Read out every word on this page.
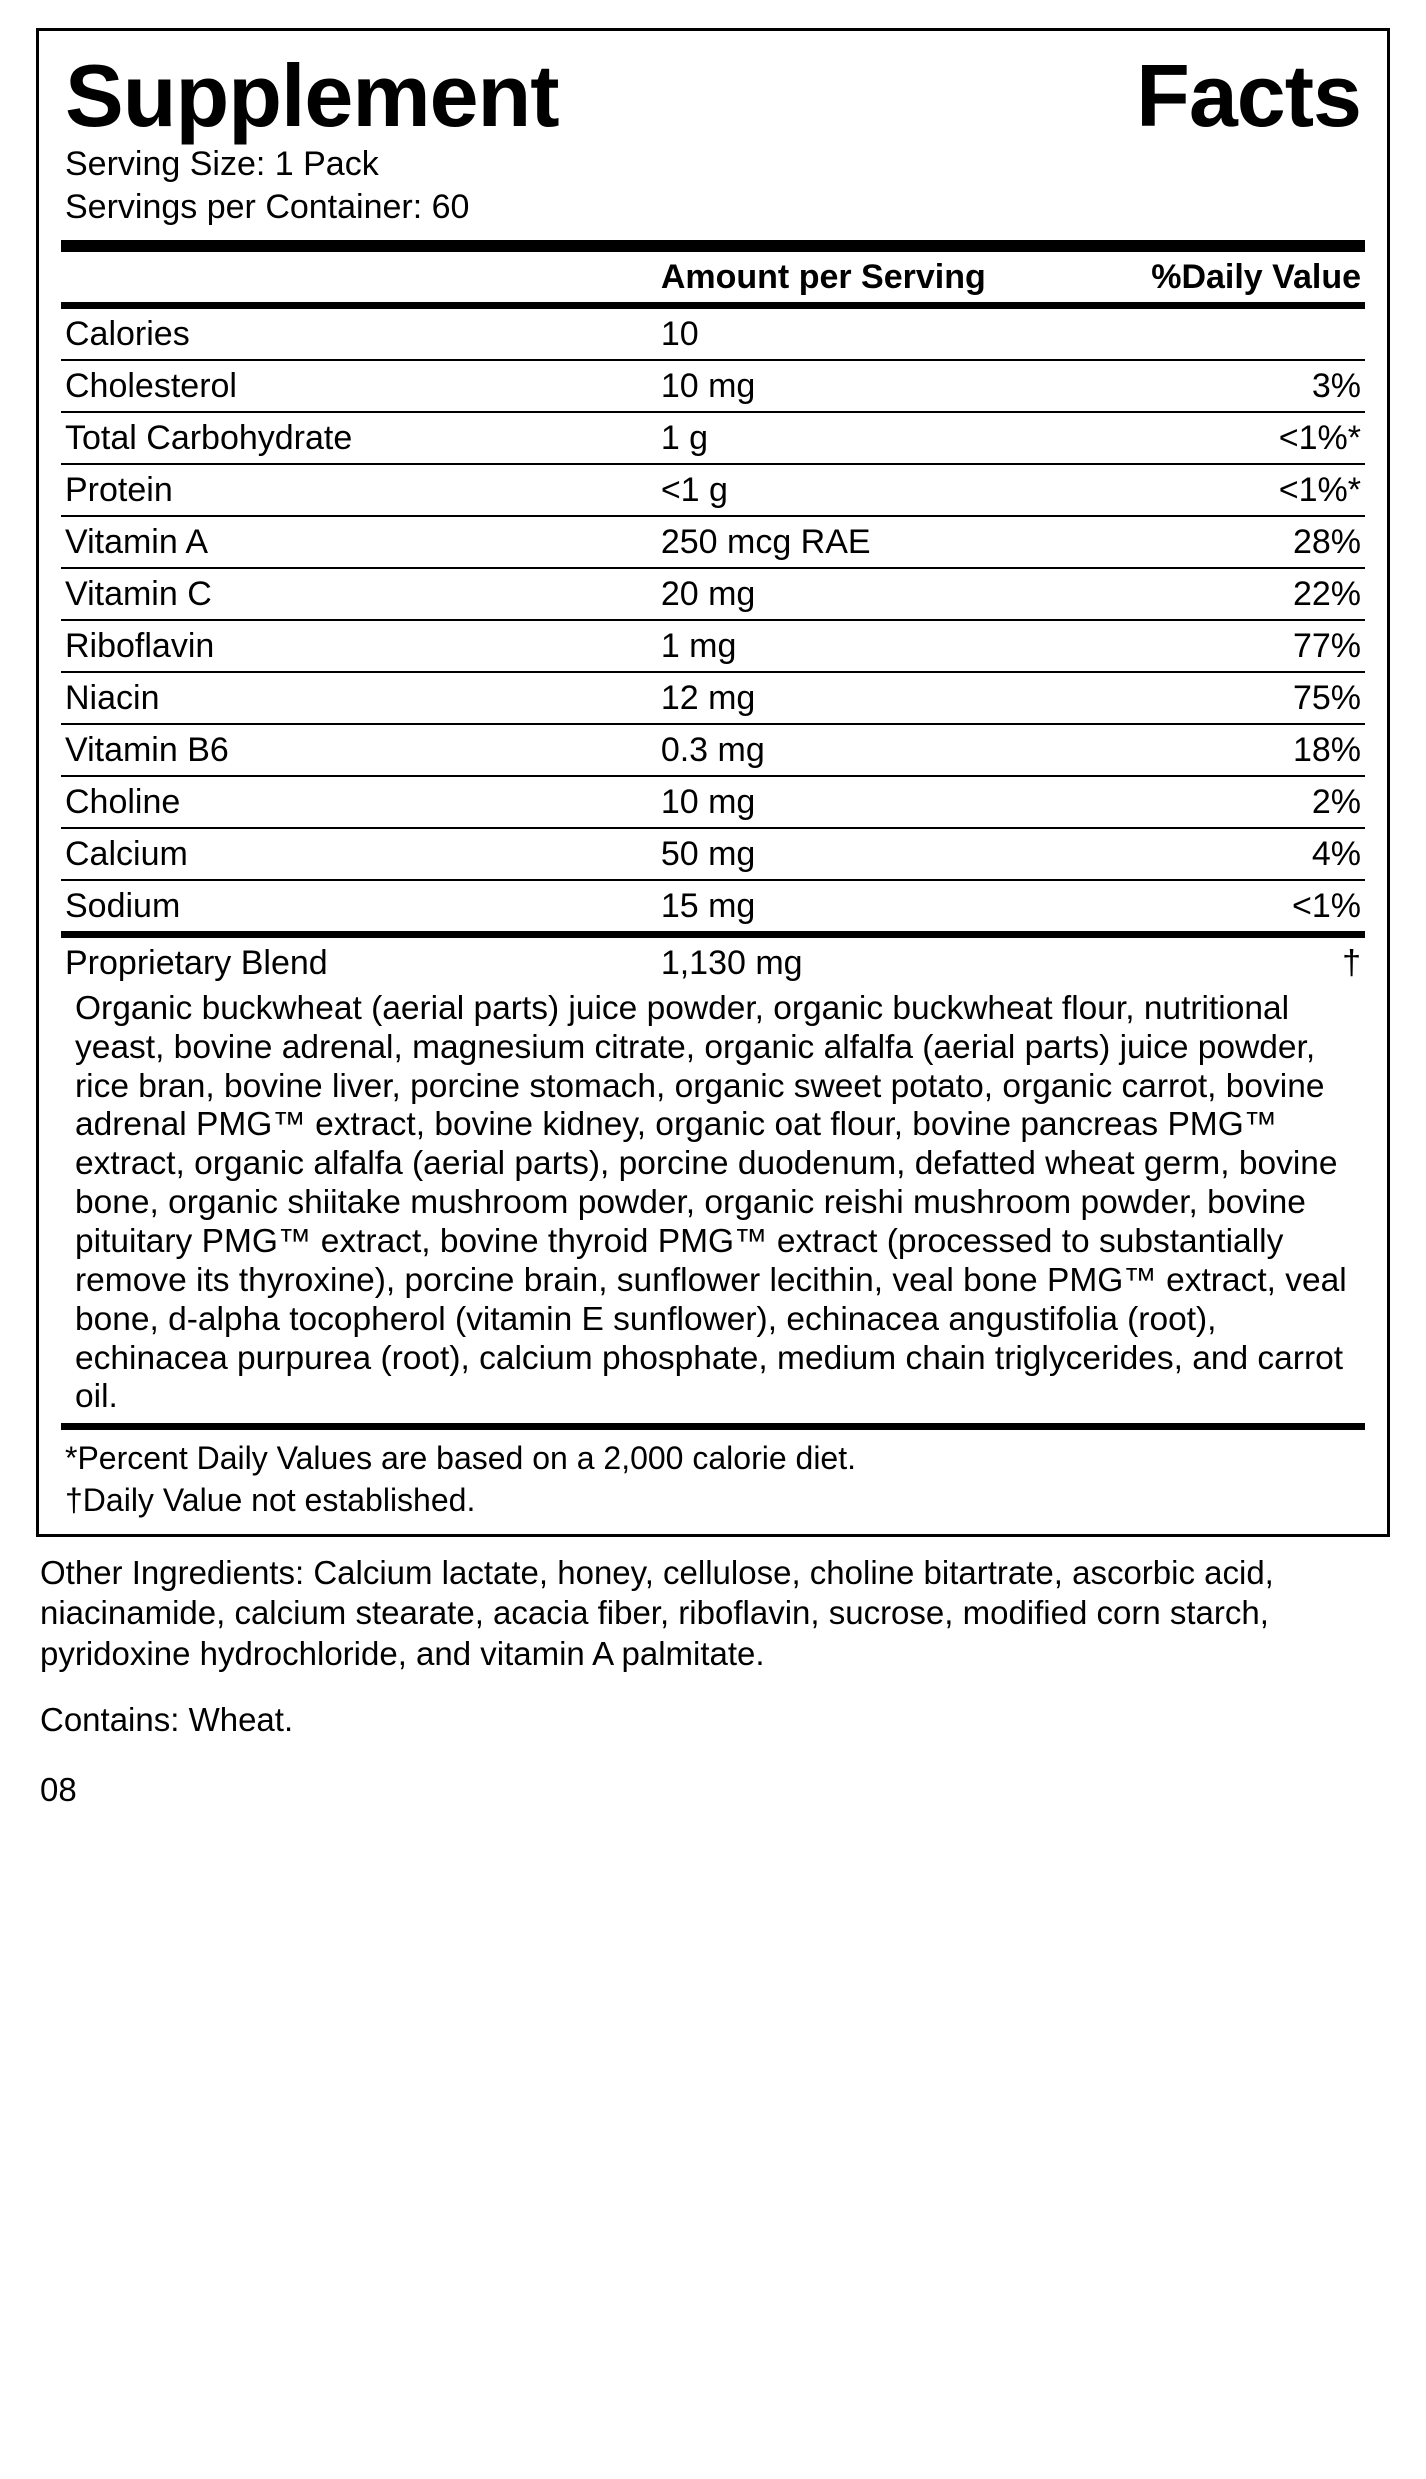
Supplement	Facts
Serving Size: 1 Pack
Servings per Container: 60
	Amount per Serving	%Daily Value
Calories	10	
Cholesterol	10 mg	3%
Total Carbohydrate	1 g	<1%*
Protein	<1 g	<1%*
Vitamin A	250 mcg RAE	28%
Vitamin C	20 mg	22%
Riboflavin	1 mg	77%
Niacin	12 mg	75%
Vitamin B6	0.3 mg	18%
Choline	10 mg	2%
Calcium	50 mg	4%
Sodium	15 mg	<1%
Proprietary Blend	1,130 mg	†
Organic buckwheat (aerial parts) juice powder, organic buckwheat flour, nutritional yeast, bovine adrenal, magnesium citrate, organic alfalfa (aerial parts) juice powder, rice bran, bovine liver, porcine stomach, organic sweet potato, organic carrot, bovine adrenal PMG™ extract, bovine kidney, organic oat flour, bovine pancreas PMG™ extract, organic alfalfa (aerial parts), porcine duodenum, defatted wheat germ, bovine bone, organic shiitake mushroom powder, organic reishi mushroom powder, bovine pituitary PMG™ extract, bovine thyroid PMG™ extract (processed to substantially remove its thyroxine), porcine brain, sunflower lecithin, veal bone PMG™ extract, veal bone, d-alpha tocopherol (vitamin E sunflower), echinacea angustifolia (root), echinacea purpurea (root), calcium phosphate, medium chain triglycerides, and carrot oil.
*Percent Daily Values are based on a 2,000 calorie diet.
†Daily Value not established.

Other Ingredients: Calcium lactate, honey, cellulose, choline bitartrate, ascorbic acid, niacinamide, calcium stearate, acacia fiber, riboflavin, sucrose, modified corn starch, pyridoxine hydrochloride, and vitamin A palmitate.

Contains: Wheat.

08
